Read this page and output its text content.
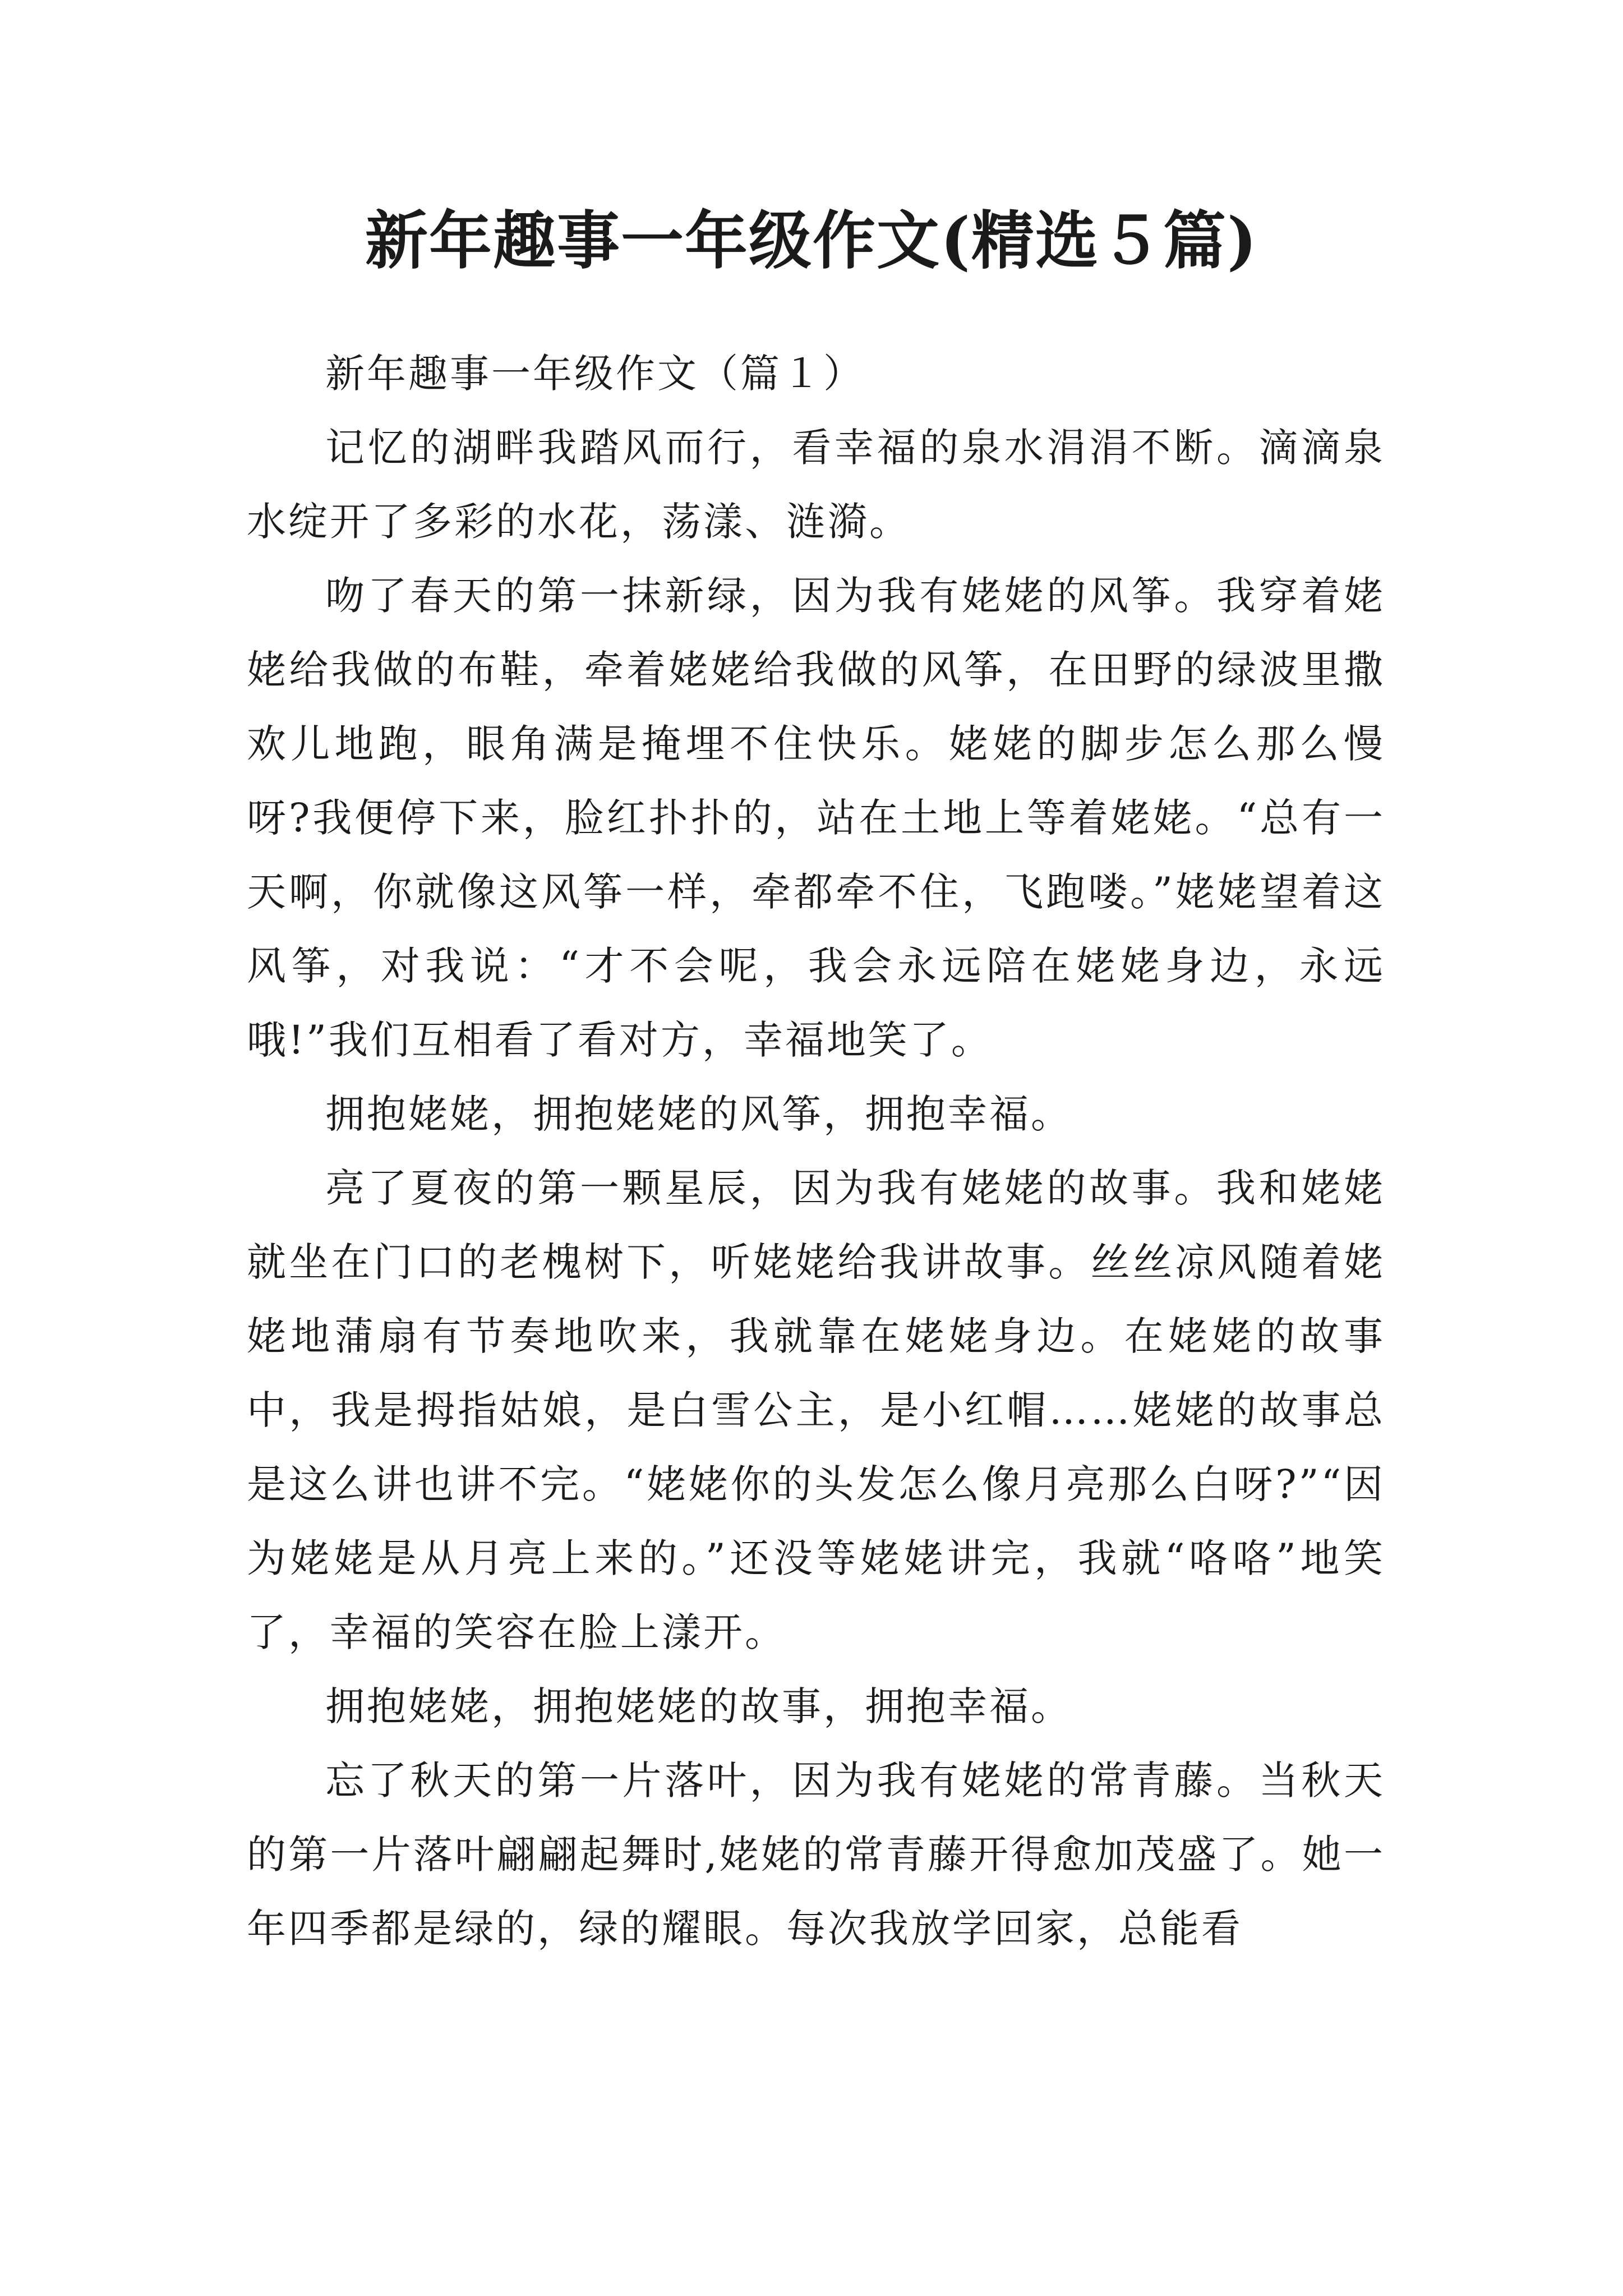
新年趣事一年级作文(精选５篇)

新年趣事一年级作文（篇１）

记忆的湖畔我踏风而行，看幸福的泉水涓涓不断。滴滴泉水绽开了多彩的水花，荡漾、涟漪。

吻了春天的第一抹新绿，因为我有姥姥的风筝。我穿着姥姥给我做的布鞋，牵着姥姥给我做的风筝，在田野的绿波里撒欢儿地跑，眼角满是掩埋不住快乐。姥姥的脚步怎么那么慢呀?我便停下来，脸红扑扑的，站在土地上等着姥姥。“总有一天啊，你就像这风筝一样，牵都牵不住，飞跑喽。”姥姥望着这风筝，对我说：“才不会呢，我会永远陪在姥姥身边，永远哦!”我们互相看了看对方，幸福地笑了。

拥抱姥姥，拥抱姥姥的风筝，拥抱幸福。

亮了夏夜的第一颗星辰，因为我有姥姥的故事。我和姥姥就坐在门口的老槐树下，听姥姥给我讲故事。丝丝凉风随着姥姥地蒲扇有节奏地吹来，我就靠在姥姥身边。在姥姥的故事中，我是拇指姑娘，是白雪公主，是小红帽……姥姥的故事总是这么讲也讲不完。“姥姥你的头发怎么像月亮那么白呀?”“因为姥姥是从月亮上来的。”还没等姥姥讲完，我就“咯咯”地笑了，幸福的笑容在脸上漾开。

拥抱姥姥，拥抱姥姥的故事，拥抱幸福。

忘了秋天的第一片落叶，因为我有姥姥的常青藤。当秋天的第一片落叶翩翩起舞时,姥姥的常青藤开得愈加茂盛了。她一年四季都是绿的，绿的耀眼。每次我放学回家，总能看
